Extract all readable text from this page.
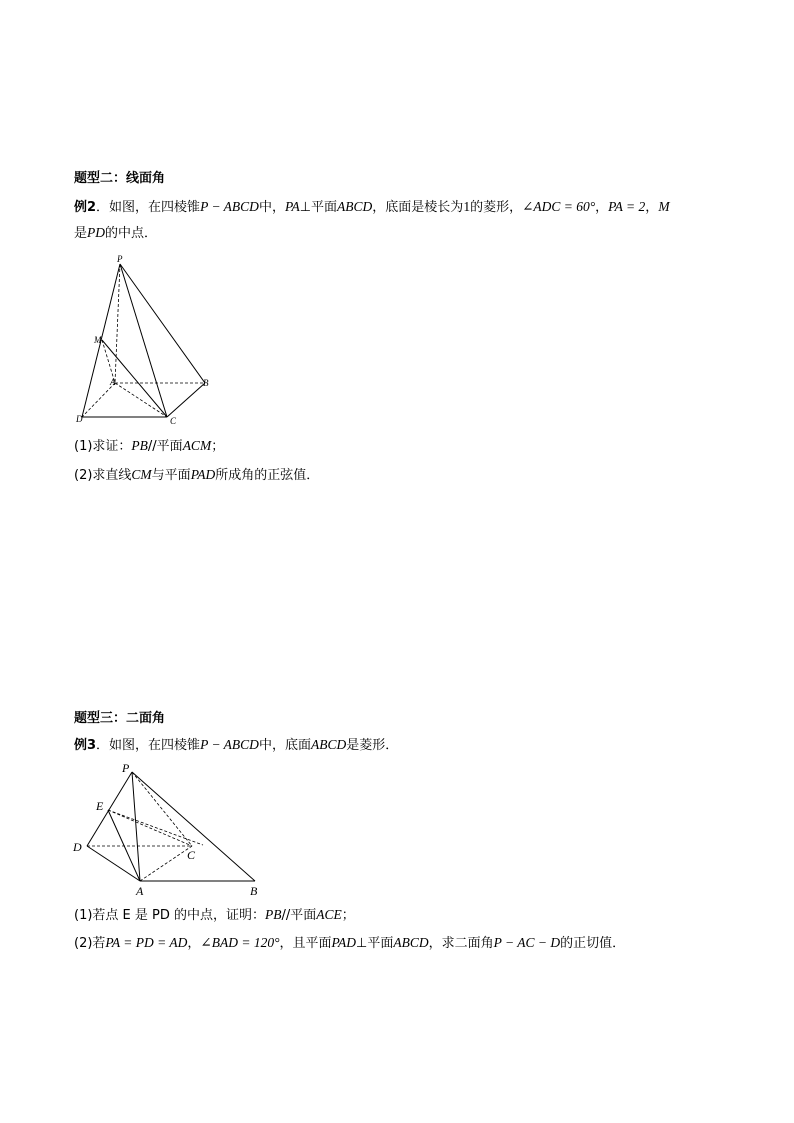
题型二：线面角
例2．如图，在四棱锥P − ABCD中，PA⊥平面ABCD，底面是棱长为1的菱形，∠ADC = 60°，PA = 2，M
是PD的中点．
P
M
A	B
C
D
(1)求证：PB//平面ACM；
(2)求直线CM与平面PAD所成角的正弦值．
题型三：二面角
例3．如图，在四棱锥P − ABCD中，底面ABCD是菱形．
P
E
D
C
A	B
(1)若点 E 是 PD 的中点，证明：PB//平面ACE；
(2)若PA = PD = AD，∠BAD = 120°，且平面PAD⊥平面ABCD，求二面角P − AC − D的正切值．
